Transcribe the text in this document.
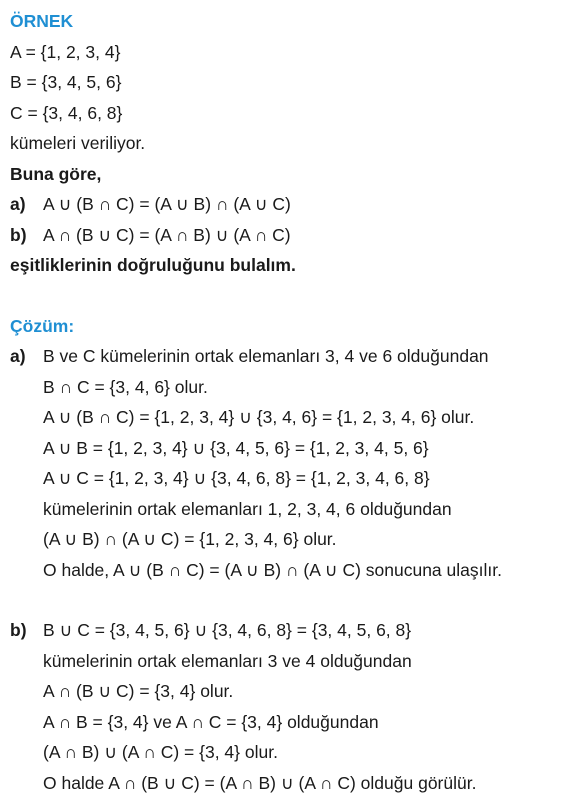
ÖRNEK
A = {1, 2, 3, 4}
B = {3, 4, 5, 6}
C = {3, 4, 6, 8}
kümeleri veriliyor.
Buna göre,
a) A ∪ (B ∩ C) = (A ∪ B) ∩ (A ∪ C)
b) A ∩ (B ∪ C) = (A ∩ B) ∪ (A ∩ C)
eşitliklerinin doğruluğunu bulalım.
Çözüm:
a) B ve C kümelerinin ortak elemanları 3, 4 ve 6 olduğundan
B ∩ C = {3, 4, 6} olur.
A ∪ (B ∩ C) = {1, 2, 3, 4} ∪ {3, 4, 6} = {1, 2, 3, 4, 6} olur.
A ∪ B = {1, 2, 3, 4} ∪ {3, 4, 5, 6} = {1, 2, 3, 4, 5, 6}
A ∪ C = {1, 2, 3, 4} ∪ {3, 4, 6, 8} = {1, 2, 3, 4, 6, 8}
kümelerinin ortak elemanları 1, 2, 3, 4, 6 olduğundan
(A ∪ B) ∩ (A ∪ C) = {1, 2, 3, 4, 6} olur.
O halde, A ∪ (B ∩ C) = (A ∪ B) ∩ (A ∪ C) sonucuna ulaşılır.
b) B ∪ C = {3, 4, 5, 6} ∪ {3, 4, 6, 8} = {3, 4, 5, 6, 8}
kümelerinin ortak elemanları 3 ve 4 olduğundan
A ∩ (B ∪ C) = {3, 4} olur.
A ∩ B = {3, 4} ve A ∩ C = {3, 4} olduğundan
(A ∩ B) ∪ (A ∩ C) = {3, 4} olur.
O halde A ∩ (B ∪ C) = (A ∩ B) ∪ (A ∩ C) olduğu görülür.
